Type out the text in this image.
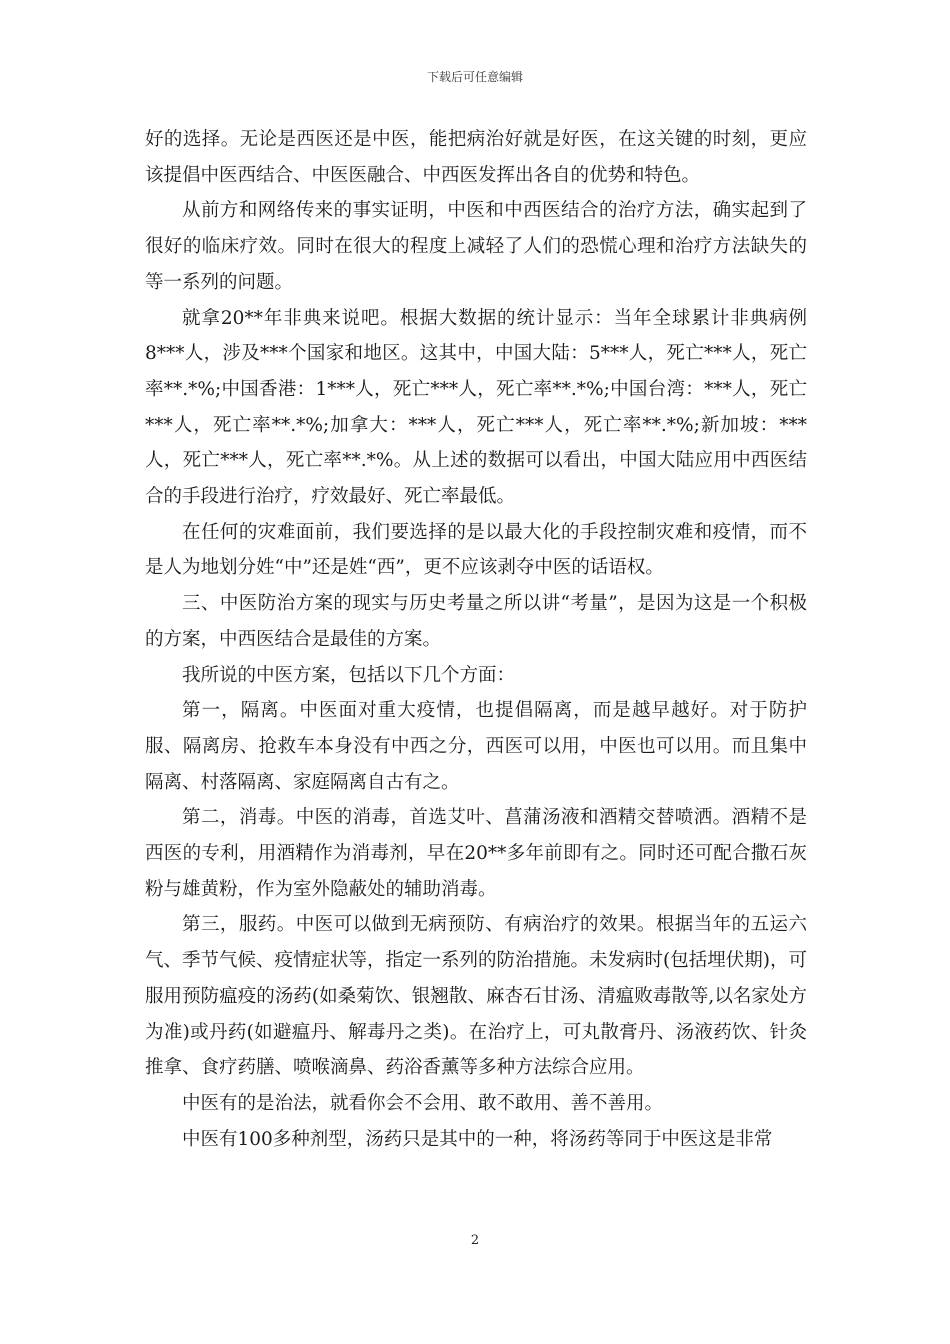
下载后可任意编辑

好的选择。无论是西医还是中医，能把病治好就是好医，在这关键的时刻，更应该提倡中医西结合、中医医融合、中西医发挥出各自的优势和特色。

从前方和网络传来的事实证明，中医和中西医结合的治疗方法，确实起到了很好的临床疗效。同时在很大的程度上减轻了人们的恐慌心理和治疗方法缺失的等一系列的问题。

就拿20**年非典来说吧。根据大数据的统计显示：当年全球累计非典病例8***人，涉及***个国家和地区。这其中，中国大陆：5***人，死亡***人，死亡率**.*%;中国香港：1***人，死亡***人，死亡率**.*%;中国台湾：***人，死亡***人，死亡率**.*%;加拿大：***人，死亡***人，死亡率**.*%;新加坡：***人，死亡***人，死亡率**.*%。从上述的数据可以看出，中国大陆应用中西医结合的手段进行治疗，疗效最好、死亡率最低。

在任何的灾难面前，我们要选择的是以最大化的手段控制灾难和疫情，而不是人为地划分姓“中”还是姓“西”，更不应该剥夺中医的话语权。

三、中医防治方案的现实与历史考量之所以讲“考量”，是因为这是一个积极的方案，中西医结合是最佳的方案。

我所说的中医方案，包括以下几个方面：

第一，隔离。中医面对重大疫情，也提倡隔离，而是越早越好。对于防护服、隔离房、抢救车本身没有中西之分，西医可以用，中医也可以用。而且集中隔离、村落隔离、家庭隔离自古有之。

第二，消毒。中医的消毒，首选艾叶、菖蒲汤液和酒精交替喷洒。酒精不是西医的专利，用酒精作为消毒剂，早在20**多年前即有之。同时还可配合撒石灰粉与雄黄粉，作为室外隐蔽处的辅助消毒。

第三，服药。中医可以做到无病预防、有病治疗的效果。根据当年的五运六气、季节气候、疫情症状等，指定一系列的防治措施。未发病时(包括埋伏期)，可服用预防瘟疫的汤药(如桑菊饮、银翘散、麻杏石甘汤、清瘟败毒散等,以名家处方为准)或丹药(如避瘟丹、解毒丹之类)。在治疗上，可丸散膏丹、汤液药饮、针灸推拿、食疗药膳、喷喉滴鼻、药浴香薰等多种方法综合应用。

中医有的是治法，就看你会不会用、敢不敢用、善不善用。

中医有100多种剂型，汤药只是其中的一种，将汤药等同于中医这是非常

2
